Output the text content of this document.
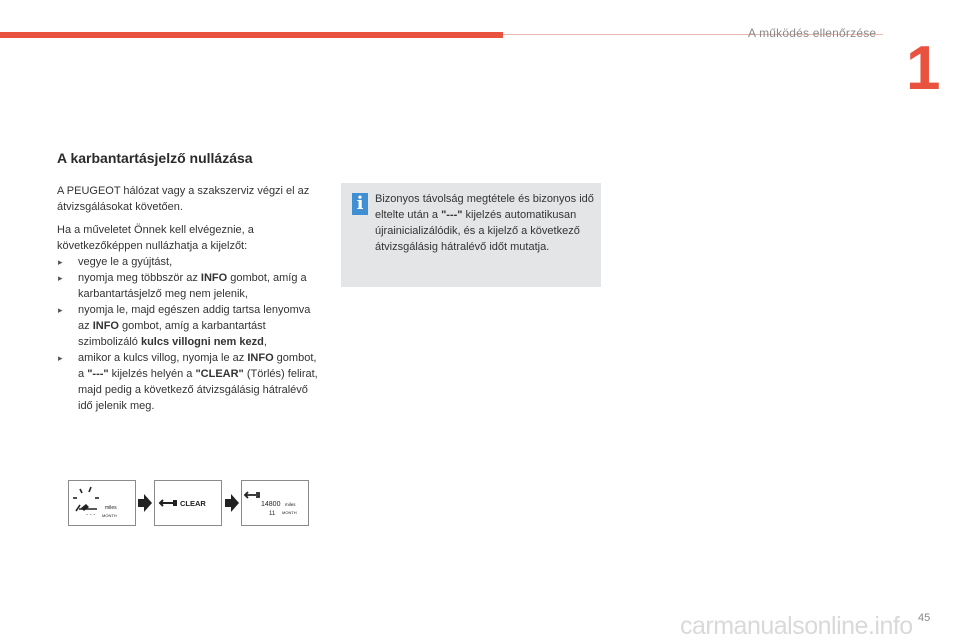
A működés ellenőrzése
1
A karbantartásjelző nullázása

A PEUGEOT hálózat vagy a szakszerviz végzi el az átvizsgálásokat követően.

Ha a műveletet Önnek kell elvégeznie, a következőképpen nullázhatja a kijelzőt:

▸ vegye le a gyújtást,
▸ nyomja meg többször az INFO gombot, amíg a karbantartásjelző meg nem jelenik,
▸ nyomja le, majd egészen addig tartsa lenyomva az INFO gombot, amíg a karbantartást szimbolizáló kulcs villogni nem kezd,
▸ amikor a kulcs villog, nyomja le az INFO gombot, a "---" kijelzés helyén a "CLEAR" (Törlés) felirat, majd pedig a következő átvizsgálásig hátralévő idő jelenik meg.
i	Bizonyos távolság megtétele és bizonyos idő eltelte után a "---" kijelzés automatikusan újrainicializálódik, és a kijelző a következő átvizsgálásig hátralévő időt mutatja.
miles
MONTH
- - -
CLEAR	14800 miles
11 MONTH
carmanualsonline.info 45
